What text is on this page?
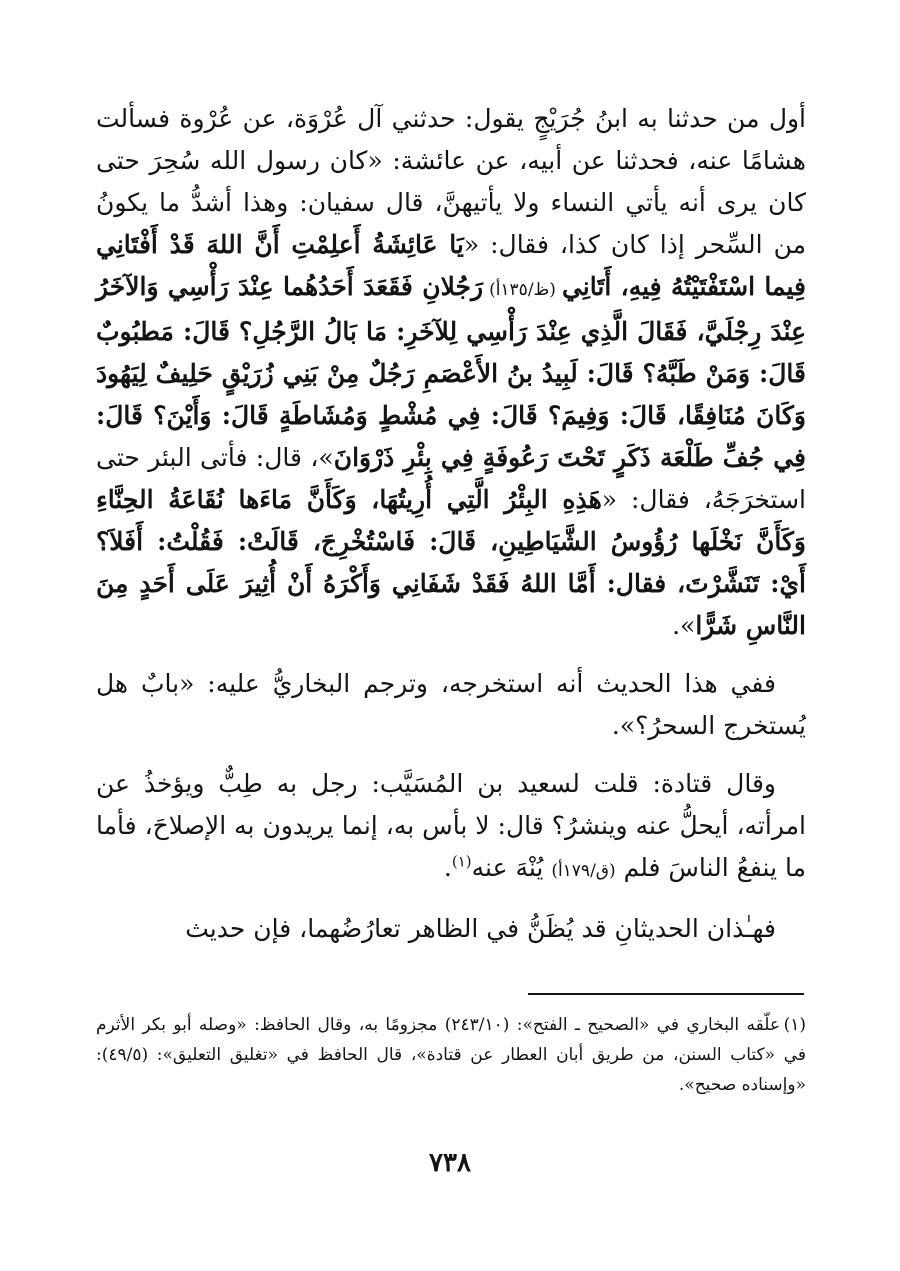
أول من حدثنا به ابنُ جُرَيْجٍ يقول: حدثني آل عُرْوَة، عن عُرْوة فسألت هشامًا عنه، فحدثنا عن أبيه، عن عائشة: «كان رسول الله سُحِرَ حتى كان يرى أنه يأتي النساء ولا يأتيهنَّ، قال سفيان: وهذا أشدُّ ما يكونُ من السِّحر إذا كان كذا، فقال: «يَا عَائِشَةُ أَعلِمْتِ أَنَّ اللهَ قَدْ أَفْتَانِي فِيما اسْتَفْتَيْتُهُ فِيهِ، أَتَانِي (ظ/١٣٥أ) رَجُلانِ فَقَعَدَ أَحَدُهُما عِنْدَ رَأْسِي وَالآخَرُ عِنْدَ رِجْلَيَّ، فَقَالَ الَّذِي عِنْدَ رَأْسِي لِلآخَرِ: مَا بَالُ الرَّجُلِ؟ قَالَ: مَطبُوبٌ قَالَ: وَمَنْ طَبَّهُ؟ قَالَ: لَبِيدُ بنُ الأَعْصَمِ رَجُلٌ مِنْ بَنِي زُرَيْقٍ حَلِيفٌ لِيَهُودَ وَكَانَ مُنَافِقًا، قَالَ: وَفِيمَ؟ قَالَ: فِي مُشْطٍ وَمُشَاطَةٍ قَالَ: وَأَيْنَ؟ قَالَ: فِي جُفِّ طَلْعَة ذَكَرٍ تَحْتَ رَعُوفَةٍ فِي بِئْرِ ذَرْوَانَ»، قال: فأتى البئر حتى استخرَجَهُ، فقال: «هَذِهِ البِئْرُ الَّتِي أُرِيتُهَا، وَكَأَنَّ مَاءَها نُقَاعَةُ الحِنَّاءِ وَكَأَنَّ نَخْلَها رُؤُوسُ الشَّيَاطِينِ، قَالَ: فَاسْتُخْرِجَ، قَالَتْ: فَقُلْتُ: أَفَلاَ؟ أَيْ: تَنَشَّرْتَ، فقال: أَمَّا اللهُ فَقَدْ شَفَانِي وَأَكْرَهُ أَنْ أُثِيرَ عَلَى أَحَدٍ مِنَ النَّاسِ شَرًّا».

ففي هذا الحديث أنه استخرجه، وترجم البخاريُّ عليه: «بابٌ هل يُستخرج السحرُ؟».

وقال قتادة: قلت لسعيد بن المُسَيَّب: رجل به طِبٌّ ويؤخذُ عن امرأته، أيحلُّ عنه وينشرُ؟ قال: لا بأس به، إنما يريدون به الإصلاحَ، فأما ما ينفعُ الناسَ فلم (ق/١٧٩أ) يُنْهَ عنه$^{(١)}$.

فهـٰذان الحديثانِ قد يُظَنُّ في الظاهر تعارُضُهما، فإن حديث

(١)علّقه البخاري في «الصحيح ـ الفتح»: (٢٤٣/١٠) مجزومًا به، وقال الحافظ: «وصله أبو بكر الأثرم في «كتاب السنن، من طريق أبان العطار عن قتادة»، قال الحافظ في «تغليق التعليق»: (٤٩/٥): «وإسناده صحيح».

٧٣٨
